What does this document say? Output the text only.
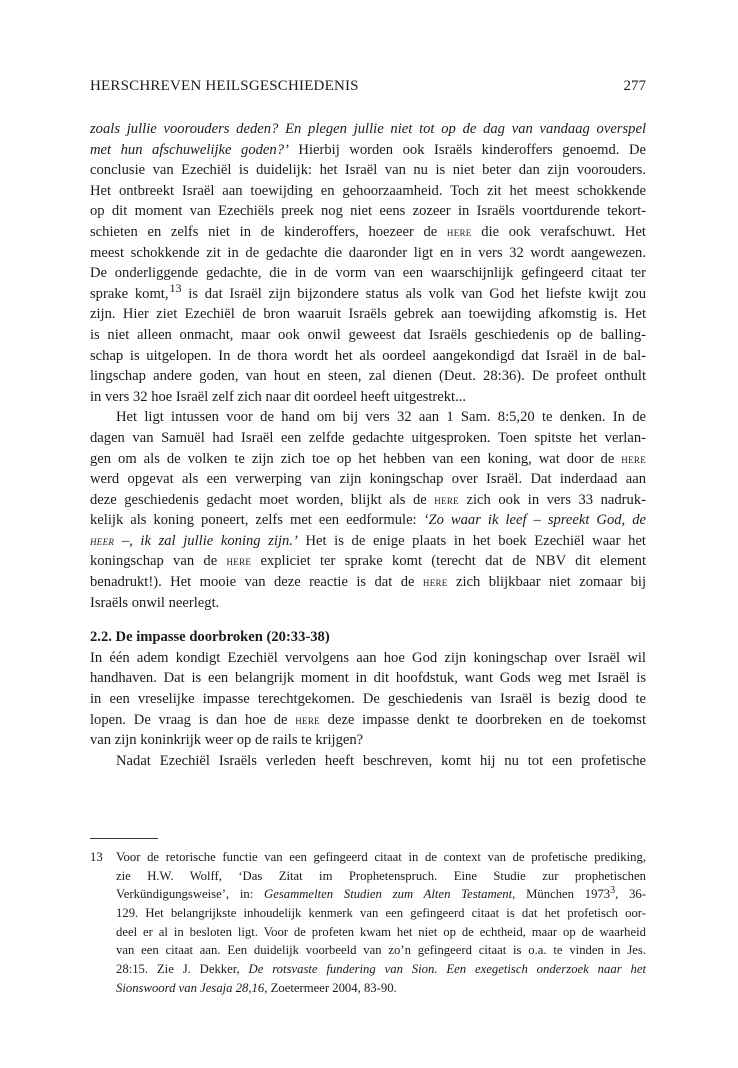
HERSCHREVEN HEILSGESCHIEDENIS	277
zoals jullie voorouders deden? En plegen jullie niet tot op de dag van vandaag overspel
met hun afschuwelijke goden?’ Hierbij worden ook Israëls kinderoffers genoemd. De
conclusie van Ezechiël is duidelijk: het Israël van nu is niet beter dan zijn voorouders.
Het ontbreekt Israël aan toewijding en gehoorzaamheid. Toch zit het meest schokkende
op dit moment van Ezechiëls preek nog niet eens zozeer in Israëls voortdurende tekort-
schieten en zelfs niet in de kinderoffers, hoezeer de here die ook verafschuwt. Het
meest schokkende zit in de gedachte die daaronder ligt en in vers 32 wordt aangewezen.
De onderliggende gedachte, die in de vorm van een waarschijnlijk gefingeerd citaat ter
sprake komt,$^{13}$ is dat Israël zijn bijzondere status als volk van God het liefste kwijt zou
zijn. Hier ziet Ezechiël de bron waaruit Israëls gebrek aan toewijding afkomstig is. Het
is niet alleen onmacht, maar ook onwil geweest dat Israëls geschiedenis op de balling-
schap is uitgelopen. In de thora wordt het als oordeel aangekondigd dat Israël in de bal-
lingschap andere goden, van hout en steen, zal dienen (Deut. 28:36). De profeet onthult
in vers 32 hoe Israël zelf zich naar dit oordeel heeft uitgestrekt...
Het ligt intussen voor de hand om bij vers 32 aan 1 Sam. 8:5,20 te denken. In de
dagen van Samuël had Israël een zelfde gedachte uitgesproken. Toen spitste het verlan-
gen om als de volken te zijn zich toe op het hebben van een koning, wat door de here
werd opgevat als een verwerping van zijn koningschap over Israël. Dat inderdaad aan
deze geschiedenis gedacht moet worden, blijkt als de here zich ook in vers 33 nadruk-
kelijk als koning poneert, zelfs met een eedformule: ‘Zo waar ik leef – spreekt God, de
heer –, ik zal jullie koning zijn.’ Het is de enige plaats in het boek Ezechiël waar het
koningschap van de here expliciet ter sprake komt (terecht dat de NBV dit element
benadrukt!). Het mooie van deze reactie is dat de here zich blijkbaar niet zomaar bij
Israëls onwil neerlegt.
2.2. De impasse doorbroken (20:33-38)
In één adem kondigt Ezechiël vervolgens aan hoe God zijn koningschap over Israël wil
handhaven. Dat is een belangrijk moment in dit hoofdstuk, want Gods weg met Israël is
in een vreselijke impasse terechtgekomen. De geschiedenis van Israël is bezig dood te
lopen. De vraag is dan hoe de here deze impasse denkt te doorbreken en de toekomst
van zijn koninkrijk weer op de rails te krijgen?
Nadat Ezechiël Israëls verleden heeft beschreven, komt hij nu tot een profetische
13 Voor de retorische functie van een gefingeerd citaat in de context van de profetische prediking,
zie H.W. Wolff, ‘Das Zitat im Prophetenspruch. Eine Studie zur prophetischen
Verkündigungsweise’, in: Gesammelten Studien zum Alten Testament, München 1973$^3$, 36-
129. Het belangrijkste inhoudelijk kenmerk van een gefingeerd citaat is dat het profetisch oor-
deel er al in besloten ligt. Voor de profeten kwam het niet op de echtheid, maar op de waarheid
van een citaat aan. Een duidelijk voorbeeld van zo’n gefingeerd citaat is o.a. te vinden in Jes.
28:15. Zie J. Dekker, De rotsvaste fundering van Sion. Een exegetisch onderzoek naar het
Sionswoord van Jesaja 28,16, Zoetermeer 2004, 83-90.
